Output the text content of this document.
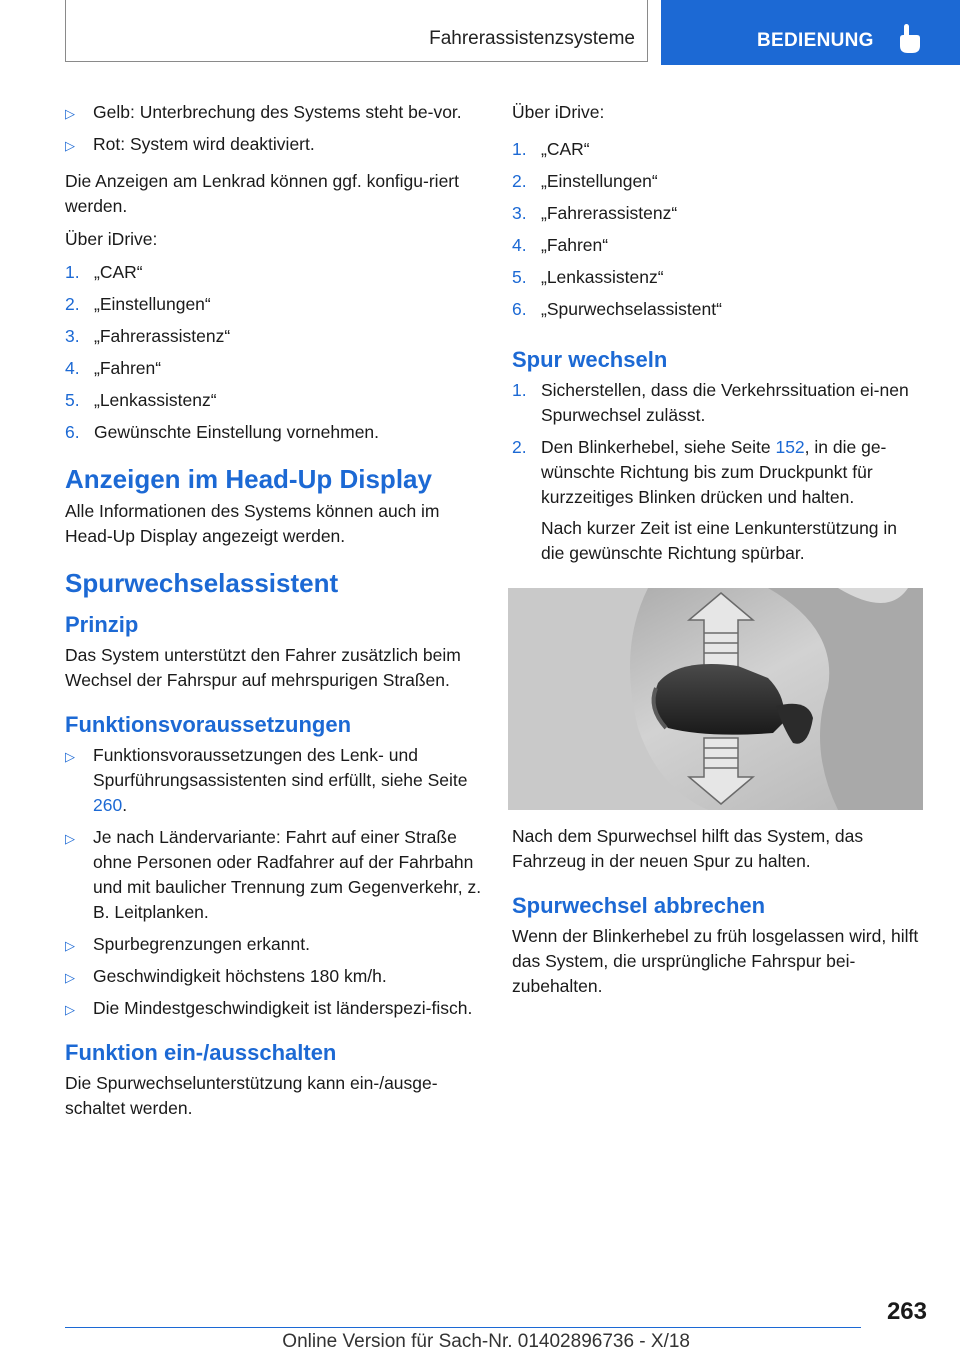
Fahrerassistenzsysteme	BEDIENUNG
▷ Gelb: Unterbrechung des Systems steht be-vor.
▷ Rot: System wird deaktiviert.

Die Anzeigen am Lenkrad können ggf. konfigu-riert werden.

Über iDrive:

1. „CAR“
2. „Einstellungen“
3. „Fahrerassistenz“
4. „Fahren“
5. „Lenkassistenz“
6. Gewünschte Einstellung vornehmen.
Anzeigen im Head-Up Display

Alle Informationen des Systems können auch im Head-Up Display angezeigt werden.

Spurwechselassistent
Prinzip

Das System unterstützt den Fahrer zusätzlich beim Wechsel der Fahrspur auf mehrspurigen Straßen.

Funktionsvoraussetzungen
▷ Funktionsvoraussetzungen des Lenk- und Spurführungsassistenten sind erfüllt, siehe Seite 260.
▷ Je nach Ländervariante: Fahrt auf einer Straße ohne Personen oder Radfahrer auf der Fahrbahn und mit baulicher Trennung zum Gegenverkehr, z. B. Leitplanken.
▷ Spurbegrenzungen erkannt.
▷ Geschwindigkeit höchstens 180 km/h.
▷ Die Mindestgeschwindigkeit ist länderspezi-fisch.
Funktion ein-/ausschalten

Die Spurwechselunterstützung kann ein-/ausge-schaltet werden.

Über iDrive:

1. „CAR“
2. „Einstellungen“
3. „Fahrerassistenz“
4. „Fahren“
5. „Lenkassistenz“
6. „Spurwechselassistent“
Spur wechseln
1. Sicherstellen, dass die Verkehrssituation ei-nen Spurwechsel zulässt.
2. Den Blinkerhebel, siehe Seite 152, in die ge-wünschte Richtung bis zum Druckpunkt für kurzzeitiges Blinken drücken und halten.
Nach kurzer Zeit ist eine Lenkunterstützung in die gewünschte Richtung spürbar.

Nach dem Spurwechsel hilft das System, das Fahrzeug in der neuen Spur zu halten.

Spurwechsel abbrechen

Wenn der Blinkerhebel zu früh losgelassen wird, hilft das System, die ursprüngliche Fahrspur bei-zubehalten.

263
Online Version für Sach-Nr. 01402896736 - X/18
